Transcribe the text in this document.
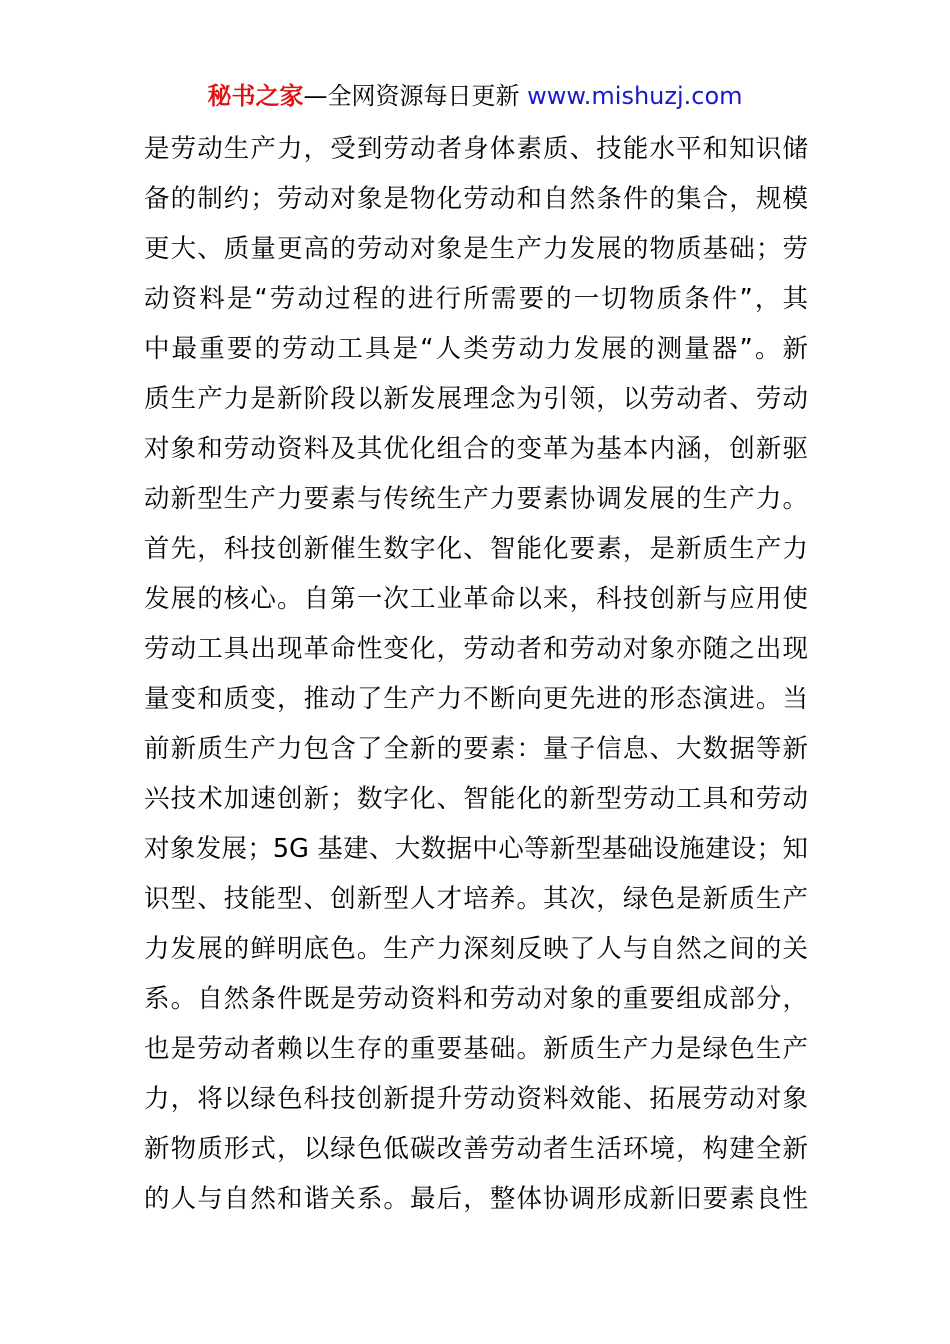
秘书之家—全网资源每日更新 www.mishuzj.com
是劳动生产力，受到劳动者身体素质、技能水平和知识储
备的制约；劳动对象是物化劳动和自然条件的集合，规模
更大、质量更高的劳动对象是生产力发展的物质基础；劳
动资料是“劳动过程的进行所需要的一切物质条件”，其
中最重要的劳动工具是“人类劳动力发展的测量器”。新
质生产力是新阶段以新发展理念为引领，以劳动者、劳动
对象和劳动资料及其优化组合的变革为基本内涵，创新驱
动新型生产力要素与传统生产力要素协调发展的生产力。
首先，科技创新催生数字化、智能化要素，是新质生产力
发展的核心。自第一次工业革命以来，科技创新与应用使
劳动工具出现革命性变化，劳动者和劳动对象亦随之出现
量变和质变，推动了生产力不断向更先进的形态演进。当
前新质生产力包含了全新的要素：量子信息、大数据等新
兴技术加速创新；数字化、智能化的新型劳动工具和劳动
对象发展；5G 基建、大数据中心等新型基础设施建设；知
识型、技能型、创新型人才培养。其次，绿色是新质生产
力发展的鲜明底色。生产力深刻反映了人与自然之间的关
系。自然条件既是劳动资料和劳动对象的重要组成部分，
也是劳动者赖以生存的重要基础。新质生产力是绿色生产
力，将以绿色科技创新提升劳动资料效能、拓展劳动对象
新物质形式，以绿色低碳改善劳动者生活环境，构建全新
的人与自然和谐关系。最后，整体协调形成新旧要素良性
